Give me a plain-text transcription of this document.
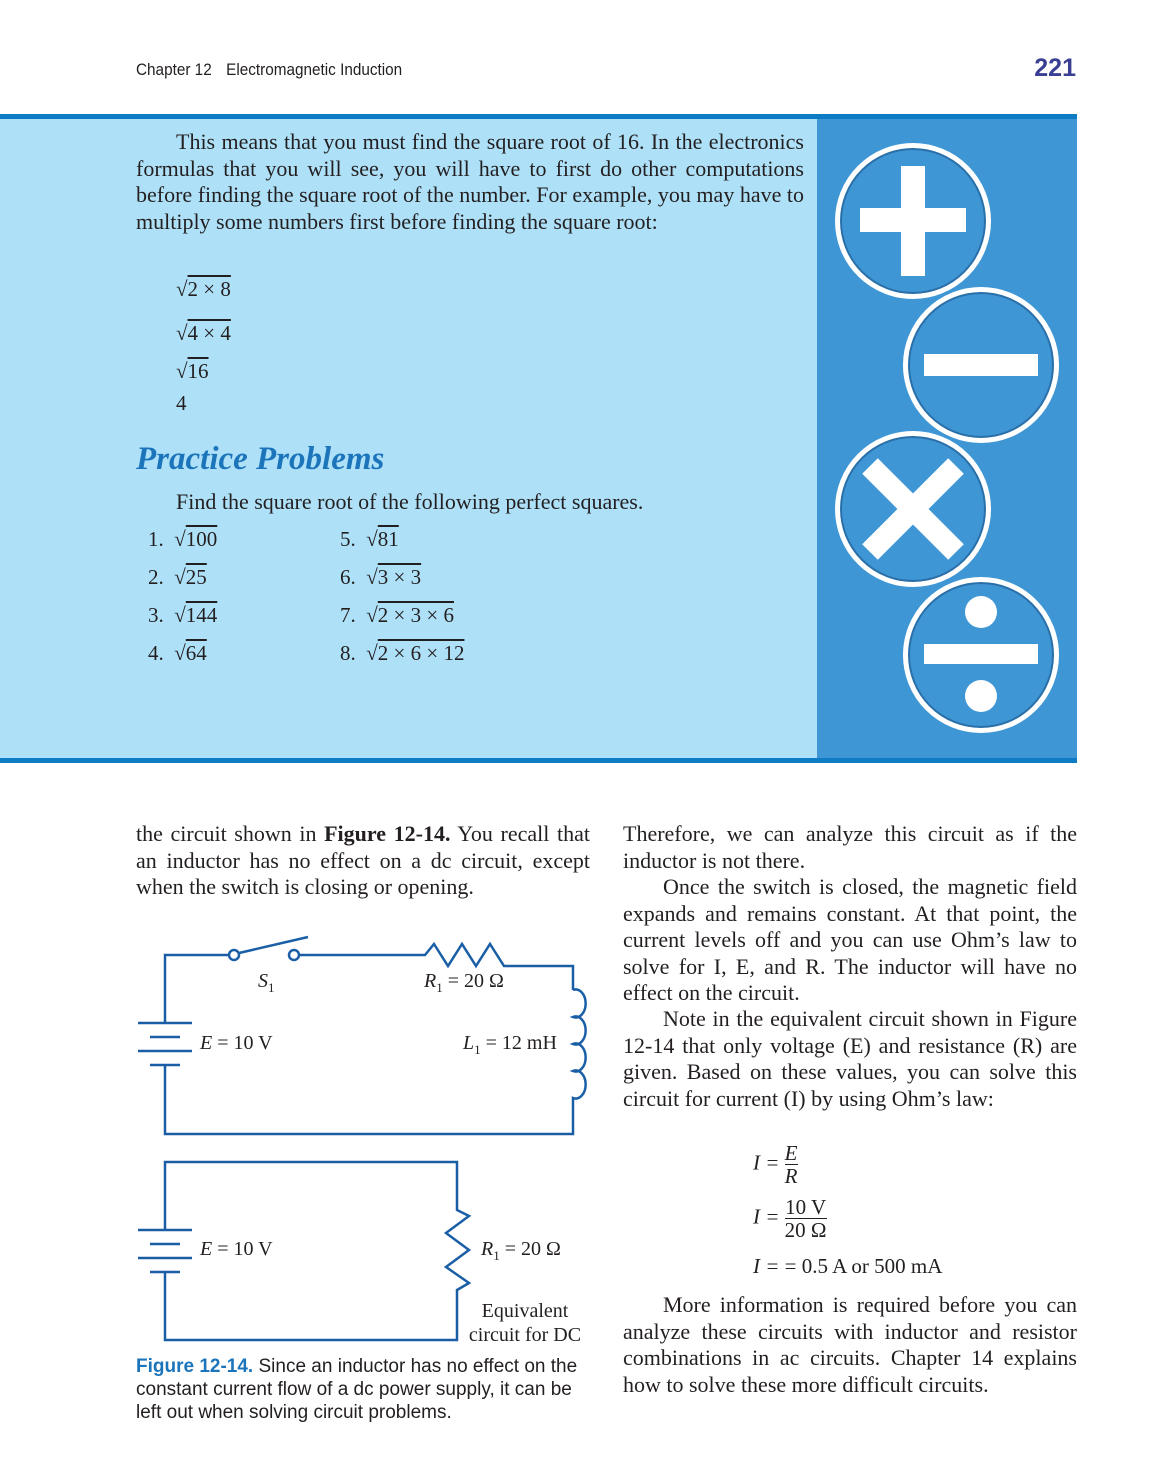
Chapter 12 Electromagnetic Induction	221

This means that you must find the square root of 16. In the electronics formulas that you will see, you will have to first do other computations before finding the square root of the number. For example, you may have to multiply some numbers first before finding the square root:

√2 × 8
√4 × 4
√16
4
Practice Problems
Find the square root of the following perfect squares.
1.  √100
2.  √25
3.  √144
4.  √64
5.  √81
6.  √3 × 3
7.  √2 × 3 × 6
8.  √2 × 6 × 12

the circuit shown in Figure 12-14. You recall that an inductor has no effect on a dc circuit, except when the switch is closing or opening.

$S_1$	$R_1 = 20$ Ω
$L_1 = 12$ mH
E = 10 V
E = 10 V	$R_1 = 20$ Ω
Equivalent
circuit for DC

Figure 12-14. Since an inductor has no effect on the constant current flow of a dc power supply, it can be left out when solving circuit problems.

Therefore, we can analyze this circuit as if the inductor is not there.

Once the switch is closed, the magnetic field expands and remains constant. At that point, the current levels off and you can use Ohm’s law to solve for I, E, and R. The inductor will have no effect on the circuit.

Note in the equivalent circuit shown in Figure 12-14 that only voltage (E) and resistance (R) are given. Based on these values, you can solve this circuit for current (I) by using Ohm’s law:

$I = \frac{E}{R}$
$I = \frac{10 V}{20 \Omega}$
I = = 0.5 A or 500 mA

More information is required before you can analyze these circuits with inductor and resistor combinations in ac circuits. Chapter 14 explains how to solve these more difficult circuits.
